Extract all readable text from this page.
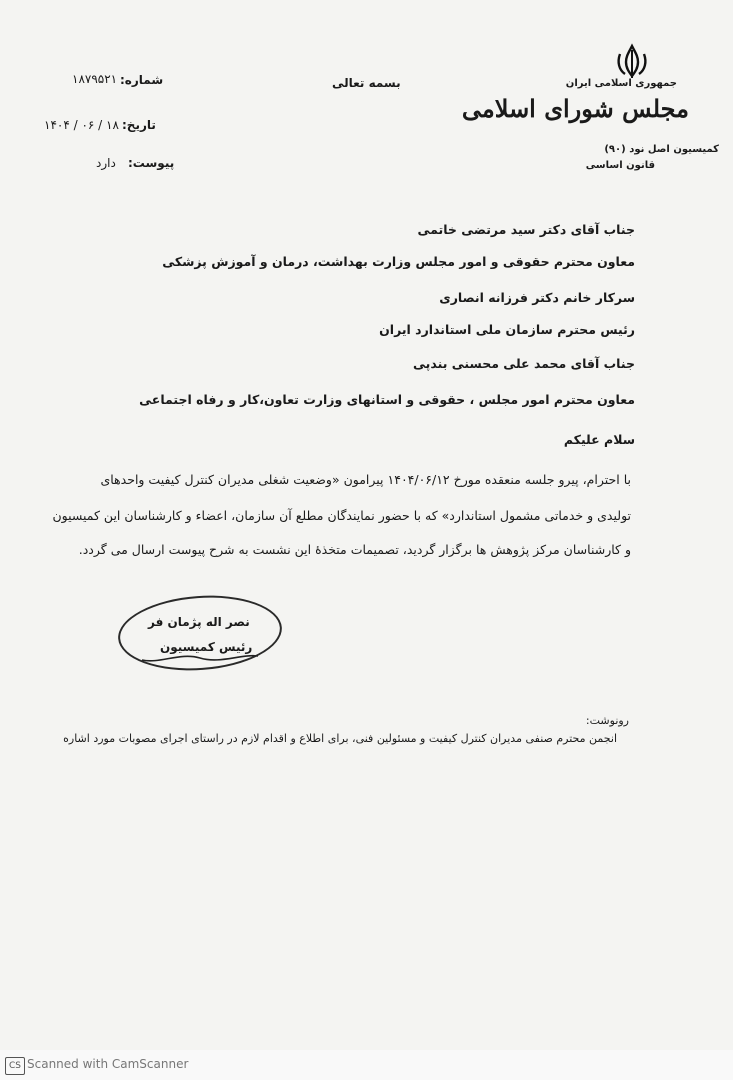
جمهوری اسلامی ایران
مجلس شورای اسلامی
کمیسیون اصل نود (۹۰)
قانون اساسی
بسمه تعالی
شماره:
۱۸۷۹۵۲۱
تاریخ:
۱۴۰۴ / ۰۶ / ۱۸
پیوست:
دارد
جناب آقای دکتر سید مرتضی خاتمی
معاون محترم حقوقی و امور مجلس وزارت بهداشت، درمان و آموزش پزشکی
سرکار خانم دکتر فرزانه انصاری
رئیس محترم سازمان ملی استاندارد ایران
جناب آقای محمد علی محسنی بندپی
معاون محترم امور مجلس ، حقوقی و استانهای وزارت تعاون،کار و رفاه اجتماعی
سلام علیکم
با احترام، پیرو جلسه منعقده مورخ ۱۴۰۴/۰۶/۱۲ پیرامون «وضعیت شغلی مدیران کنترل کیفیت واحدهای
تولیدی و خدماتی مشمول استاندارد» که با حضور نمایندگان مطلع آن سازمان، اعضاء و کارشناسان این کمیسیون
و کارشناسان مرکز پژوهش ها برگزار گردید، تصمیمات متخذهٔ این نشست به شرح پیوست ارسال می گردد.
نصر اله پژمان فر
رئیس کمیسیون
رونوشت:
انجمن محترم صنفی مدیران کنترل کیفیت و مسئولین فنی، برای اطلاع و اقدام لازم در راستای اجرای مصوبات مورد اشاره
CS Scanned with CamScanner
